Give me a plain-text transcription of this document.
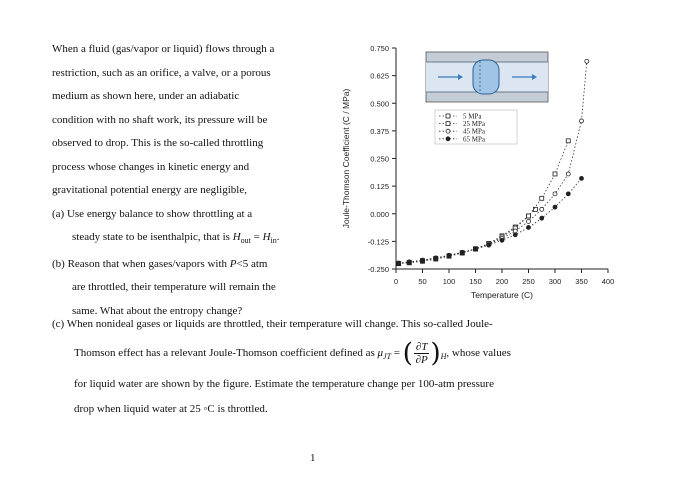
When a fluid (gas/vapor or liquid) flows through a

restriction, such as an orifice, a valve, or a porous

medium as shown here, under an adiabatic

condition with no shaft work, its pressure will be

observed to drop. This is the so-called throttling

process whose changes in kinetic energy and

gravitational potential energy are negligible,

(a) Use energy balance to show throttling at a

steady state to be isenthalpic, that is $H_{out} = H_{in}$.

(b) Reason that when gases/vapors with P<5 atm

are throttled, their temperature will remain the

same. What about the entropy change?

(c) When nonideal gases or liquids are throttled, their temperature will change. This so-called Joule-
Thomson effect has a relevant Joule-Thomson coefficient defined as $\mu_{JT}$ = ( $\frac{\partial T}{\partial P} )_H$, whose values
for liquid water are shown by the figure. Estimate the temperature change per 100-atm pressure
drop when liquid water at 25 ◦C is throttled.
1
0.750
0.625
0.500
0.375
0.250
0.125
0.000
-0.125
-0.250
0	50 100 150 200 250 300 350 400
Temperature (C)
Joule-Thomson Coefficient (C / MPa)	5 MPa
25 MPa
45 MPa
65 MPa
